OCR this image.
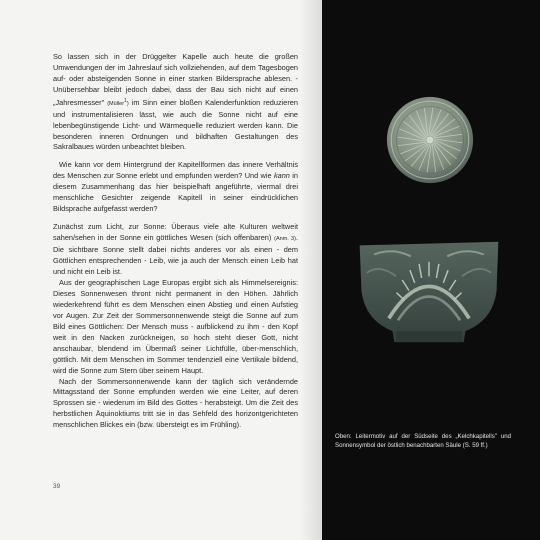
So lassen sich in der Drüggelter Kapelle auch heute die großen Umwendungen der im Jahreslauf sich vollziehenden, auf dem Tagesbogen auf- oder absteigenden Sonne in einer starken Bildersprache ablesen. - Unübersehbar bleibt jedoch dabei, dass der Bau sich nicht auf einen „Jahresmesser" (Müller$^1$) im Sinn einer bloßen Kalenderfunktion reduzieren und instrumentalisieren lässt, wie auch die Sonne nicht auf eine lebenbegünstigende Licht- und Wärmequelle reduziert werden kann. Die besonderen inneren Ordnungen und bildhaften Gestaltungen des Sakralbaues würden unbeachtet bleiben.

Wie kann vor dem Hintergrund der Kapitellformen das innere Verhältnis des Menschen zur Sonne erlebt und empfunden werden? Und wie kann in diesem Zusammenhang das hier beispielhaft angeführte, viermal drei menschliche Gesichter zeigende Kapitell in seiner eindrücklichen Bildsprache aufgefasst werden?

Zunächst zum Licht, zur Sonne: Überaus viele alte Kulturen weltweit sahen/sehen in der Sonne ein göttliches Wesen (sich offenbaren) (Anm. 3). Die sichtbare Sonne stellt dabei nichts anderes vor als einen - dem Göttlichen entsprechenden - Leib, wie ja auch der Mensch einen Leib hat und nicht ein Leib ist.

Aus der geographischen Lage Europas ergibt sich als Himmelsereignis: Dieses Sonnenwesen thront nicht permanent in den Höhen. Jährlich wiederkehrend führt es dem Menschen einen Abstieg und einen Aufstieg vor Augen. Zur Zeit der Sommersonnenwende steigt die Sonne auf zum Bild eines Göttlichen: Der Mensch muss - aufblickend zu ihm - den Kopf weit in den Nacken zurückneigen, so hoch steht dieser Gott, nicht anschaubar, blendend im Übermaß seiner Lichtfülle, über-menschlich, göttlich. Mit dem Menschen im Sommer tendenziell eine Vertikale bildend, wird die Sonne zum Stern über seinem Haupt.

Nach der Sommersonnenwende kann der täglich sich verändernde Mittagsstand der Sonne empfunden werden wie eine Leiter, auf deren Sprossen sie - wiederum im Bild des Gottes - herabsteigt. Um die Zeit des herbstlichen Äquinoktiums tritt sie in das Sehfeld des horizontgerichteten menschlichen Blickes ein (bzw. übersteigt es im Frühling).

39
Oben: Leitermotiv auf der Südseite des „Kelchkapitells" und Sonnensymbol der östlich benachbarten Säule (S. 59 ff.)
